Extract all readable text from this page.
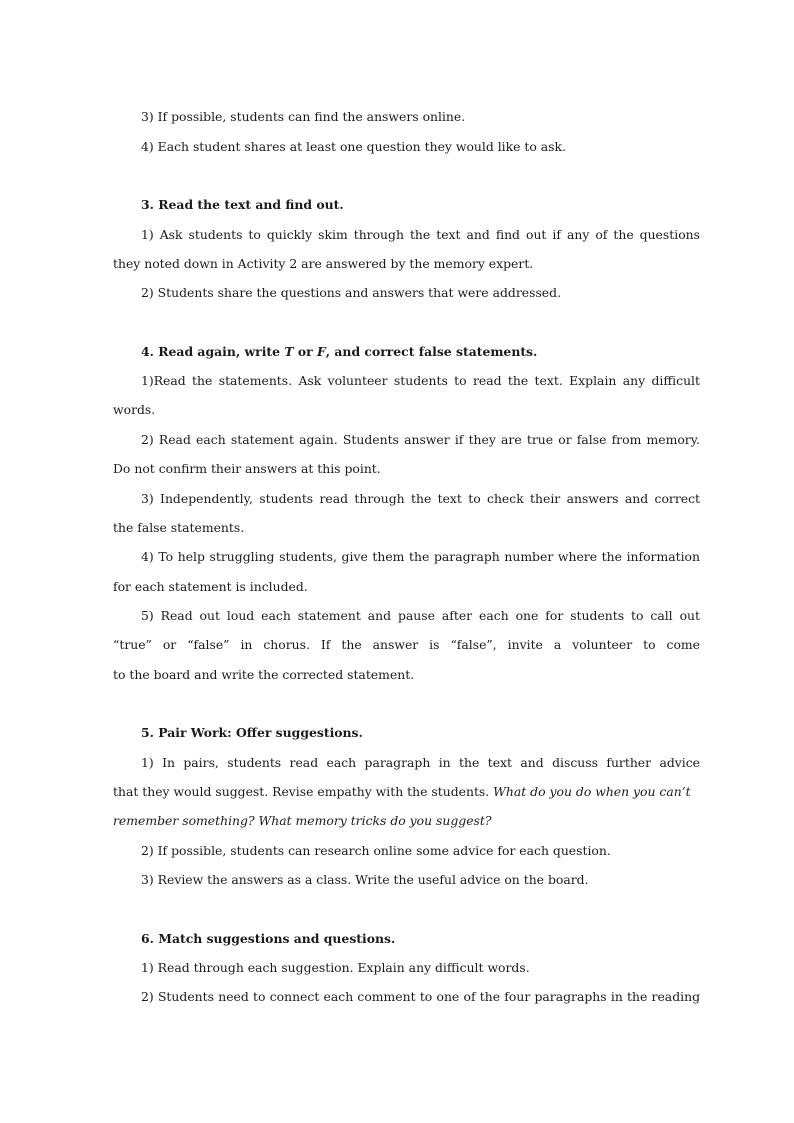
3) If possible, students can find the answers online.
4) Each student shares at least one question they would like to ask.
3. Read the text and find out.
1) Ask students to quickly skim through the text and find out if any of the questions
they noted down in Activity 2 are answered by the memory expert.
2) Students share the questions and answers that were addressed.
4. Read again, write T or F, and correct false statements.
1)Read the statements. Ask volunteer students to read the text. Explain any difficult
words.
2) Read each statement again. Students answer if they are true or false from memory.
Do not confirm their answers at this point.
3) Independently, students read through the text to check their answers and correct
the false statements.
4) To help struggling students, give them the paragraph number where the information
for each statement is included.
5) Read out loud each statement and pause after each one for students to call out
“true” or “false” in chorus. If the answer is “false”, invite a volunteer to come
to the board and write the corrected statement.
5. Pair Work: Offer suggestions.
1) In pairs, students read each paragraph in the text and discuss further advice
that they would suggest. Revise empathy with the students. What do you do when you can’t
remember something? What memory tricks do you suggest?
2) If possible, students can research online some advice for each question.
3) Review the answers as a class. Write the useful advice on the board.
6. Match suggestions and questions.
1) Read through each suggestion. Explain any difficult words.
2) Students need to connect each comment to one of the four paragraphs in the reading
